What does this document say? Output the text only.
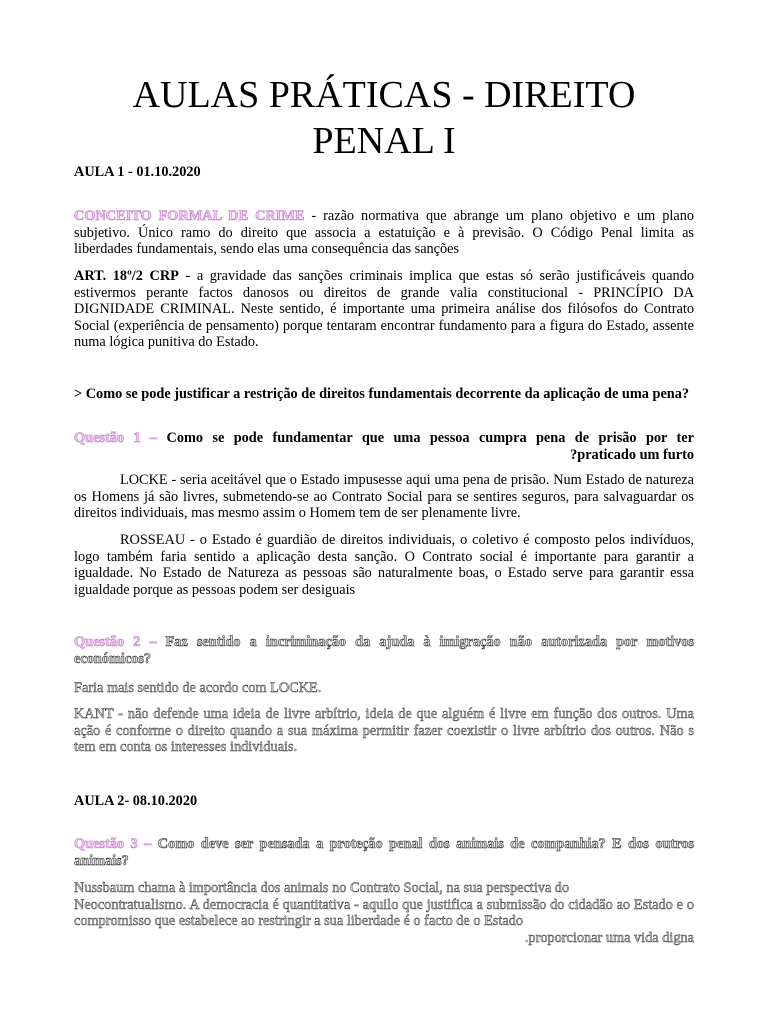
AULAS PRÁTICAS - DIREITO
PENAL I
AULA 1 - 01.10.2020
CONCEITO FORMAL DE CRIME - razão normativa que abrange um plano objetivo e um plano
subjetivo. Único ramo do direito que associa a estatuição e à previsão. O Código Penal limita as
liberdades fundamentais, sendo elas uma consequência das sanções
ART. 18º/2 CRP - a gravidade das sanções criminais implica que estas só serão justificáveis quando estivermos perante factos danosos ou direitos de grande valia constitucional - PRINCÍPIO DA DIGNIDADE CRIMINAL. Neste sentido, é importante uma primeira análise dos filósofos do Contrato Social (experiência de pensamento) porque tentaram encontrar fundamento para a figura do Estado, assente numa lógica punitiva do Estado.
> Como se pode justificar a restrição de direitos fundamentais decorrente da aplicação de uma pena?
Questão 1 – Como se pode fundamentar que uma pessoa cumpra pena de prisão por ter
?praticado um furto
LOCKE - seria aceitável que o Estado impusesse aqui uma pena de prisão. Num Estado de natureza os Homens já são livres, submetendo-se ao Contrato Social para se sentires seguros, para salvaguardar os direitos individuais, mas mesmo assim o Homem tem de ser plenamente livre.
ROSSEAU - o Estado é guardião de direitos individuais, o coletivo é composto pelos indivíduos, logo também faria sentido a aplicação desta sanção. O Contrato social é importante para garantir a igualdade. No Estado de Natureza as pessoas são naturalmente boas, o Estado serve para garantir essa igualdade porque as pessoas podem ser desiguais
Questão 2 – Faz sentido a incriminação da ajuda à imigração não autorizada por motivos económicos?
Faria mais sentido de acordo com LOCKE.
KANT - não defende uma ideia de livre arbítrio, ideia de que alguém é livre em função dos outros. Uma ação é conforme o direito quando a sua máxima permitir fazer coexistir o livre arbítrio dos outros. Não s tem em conta os interesses individuais.
AULA 2- 08.10.2020
Questão 3 – Como deve ser pensada a proteção penal dos animais de companhia? E dos outros animais?
Nussbaum chama à importância dos animais no Contrato Social, na sua perspectiva do
Neocontratualismo. A democracia é quantitativa - aquilo que justifica a submissão do cidadão ao Estado e o compromisso que estabelece ao restringir a sua liberdade é o facto de o Estado
.proporcionar uma vida digna
